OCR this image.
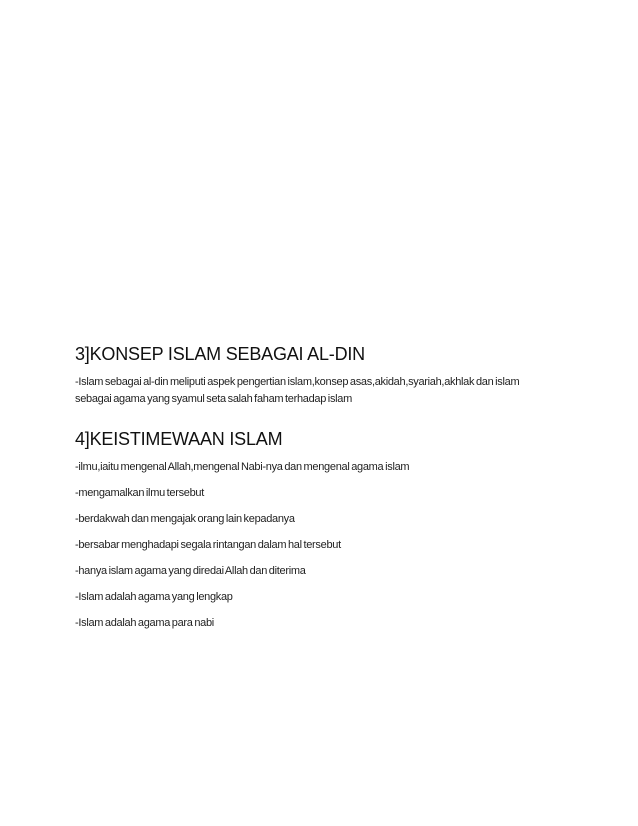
3]KONSEP ISLAM SEBAGAI AL-DIN

-Islam sebagai al-din meliputi aspek pengertian islam,konsep asas,akidah,syariah,akhlak dan islam

sebagai agama yang syamul seta salah faham terhadap islam

4]KEISTIMEWAAN ISLAM

-ilmu,iaitu mengenal Allah,mengenal Nabi-nya dan mengenal agama islam

-mengamalkan ilmu tersebut

-berdakwah dan mengajak orang lain kepadanya

-bersabar menghadapi segala rintangan dalam hal tersebut

-hanya islam agama yang diredai Allah dan diterima

-Islam adalah agama yang lengkap

-Islam adalah agama para nabi
